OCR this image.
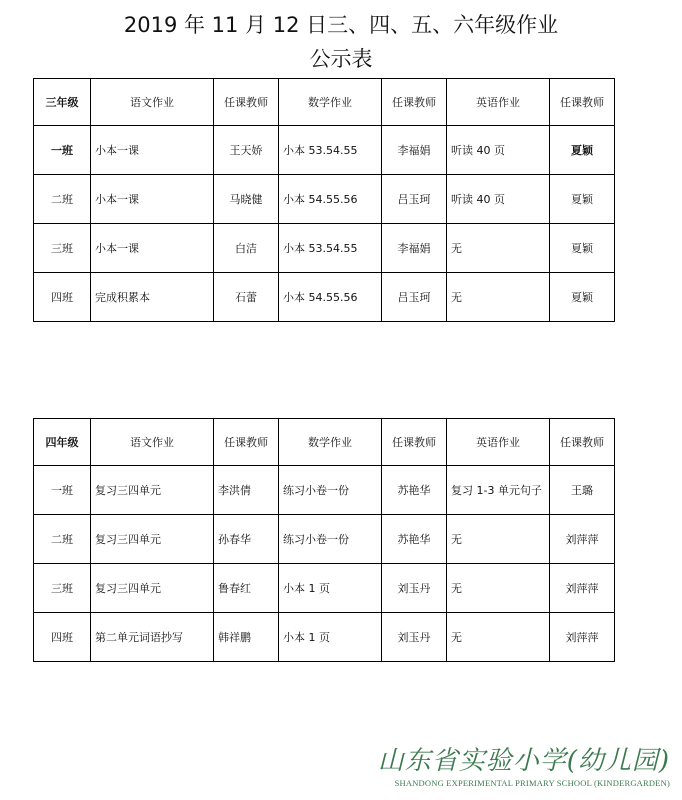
2019 年 11 月 12 日三、四、五、六年级作业
公示表
三年级	语文作业	任课教师	数学作业	任课教师	英语作业	任课教师
一班	小本一课	王天娇	小本 53.54.55	李福娟	听读 40 页	夏颖
二班	小本一课	马晓健	小本 54.55.56	吕玉珂	听读 40 页	夏颖
三班	小本一课	白洁	小本 53.54.55	李福娟	无	夏颖
四班	完成积累本	石蕾	小本 54.55.56	吕玉珂	无	夏颖
四年级	语文作业	任课教师	数学作业	任课教师	英语作业	任课教师
一班	复习三四单元	李洪倩	练习小卷一份	苏艳华	复习 1-3 单元句子	王璐
二班	复习三四单元	孙春华	练习小卷一份	苏艳华	无	刘萍萍
三班	复习三四单元	鲁春红	小本 1 页	刘玉丹	无	刘萍萍
四班	第二单元词语抄写	韩祥鹏	小本 1 页	刘玉丹	无	刘萍萍
山东省实验小学(幼儿园)
SHANDONG EXPERIMENTAL PRIMARY SCHOOL (KINDERGARDEN)
